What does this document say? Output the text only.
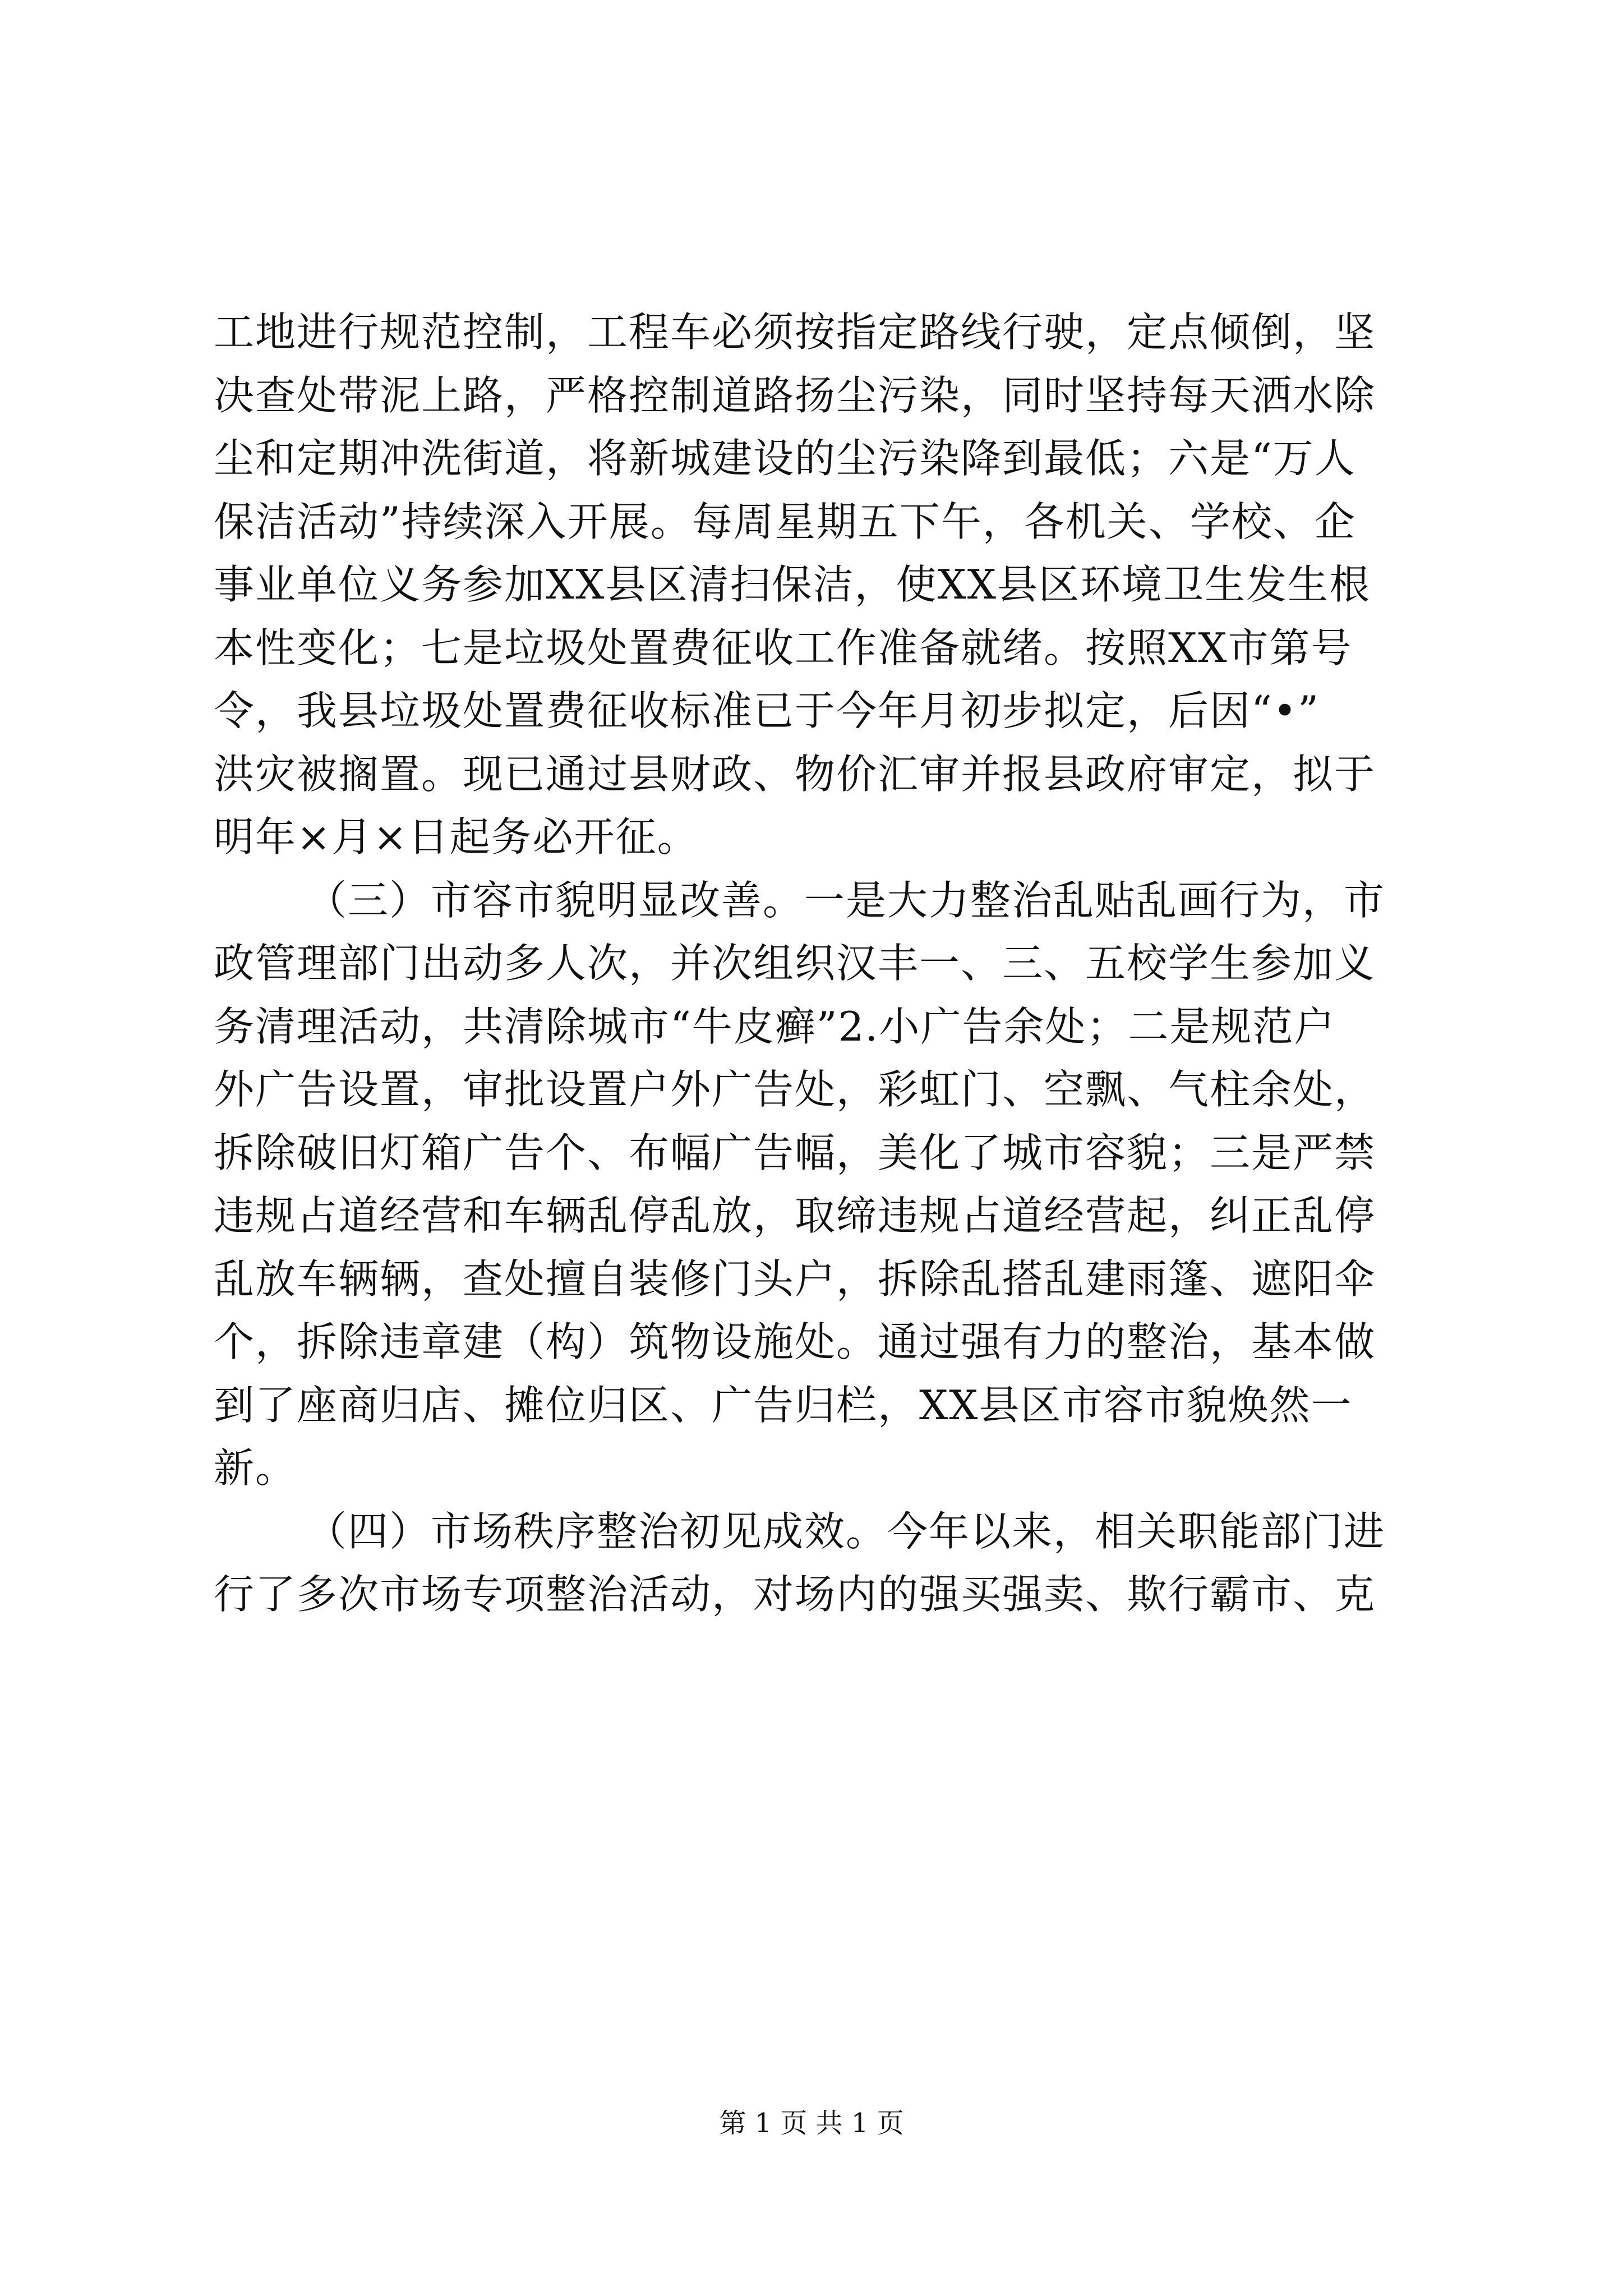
工地进行规范控制，工程车必须按指定路线行驶，定点倾倒，坚
决查处带泥上路，严格控制道路扬尘污染，同时坚持每天洒水除
尘和定期冲洗街道，将新城建设的尘污染降到最低；六是“万人
保洁活动”持续深入开展。每周星期五下午，各机关、学校、企
事业单位义务参加XX县区清扫保洁，使XX县区环境卫生发生根
本性变化；七是垃圾处置费征收工作准备就绪。按照XX市第号
令，我县垃圾处置费征收标准已于今年月初步拟定，后因“•”
洪灾被搁置。现已通过县财政、物价汇审并报县政府审定，拟于
明年×月×日起务必开征。
（三）市容市貌明显改善。一是大力整治乱贴乱画行为，市
政管理部门出动多人次，并次组织汉丰一、三、五校学生参加义
务清理活动，共清除城市“牛皮癣”2.小广告余处；二是规范户
外广告设置，审批设置户外广告处，彩虹门、空飘、气柱余处，
拆除破旧灯箱广告个、布幅广告幅，美化了城市容貌；三是严禁
违规占道经营和车辆乱停乱放，取缔违规占道经营起，纠正乱停
乱放车辆辆，查处擅自装修门头户，拆除乱搭乱建雨篷、遮阳伞
个，拆除违章建（构）筑物设施处。通过强有力的整治，基本做
到了座商归店、摊位归区、广告归栏，XX县区市容市貌焕然一
新。
（四）市场秩序整治初见成效。今年以来，相关职能部门进
行了多次市场专项整治活动，对场内的强买强卖、欺行霸市、克
第 1 页 共 1 页
